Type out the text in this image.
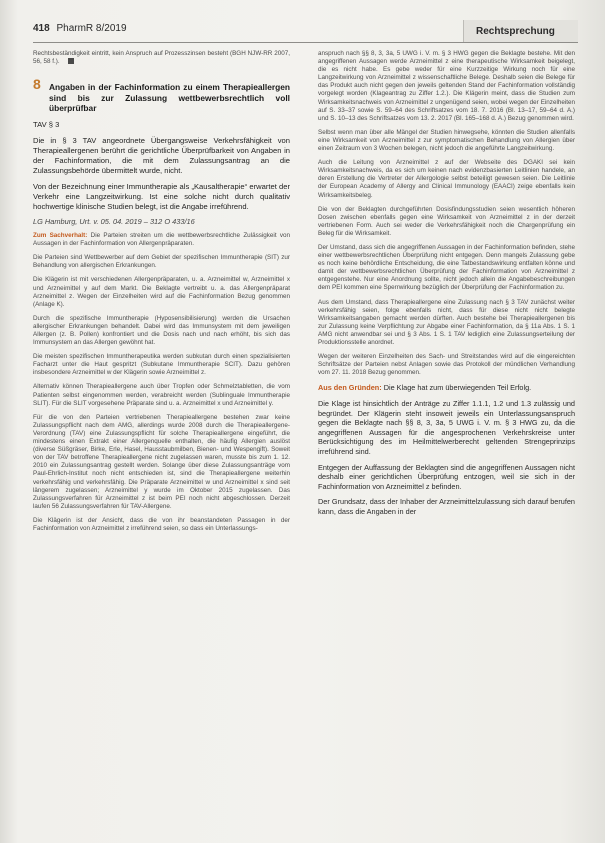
418 PharmR 8/2019	Rechtsprechung

Rechtsbeständigkeit eintritt, kein Anspruch auf Prozesszinsen besteht (BGH NJW-RR 2007, 56, 58 f.).

8 Angaben in der Fachinformation zu einem Therapieallergen sind bis zur Zulassung wettbewerbsrechtlich voll überprüfbar

TAV § 3

Die in § 3 TAV angeordnete Übergangsweise Verkehrsfähigkeit von Therapieallergenen berührt die gerichtliche Überprüfbarkeit von Angaben in der Fachinformation, die mit dem Zulassungsantrag an die Zulassungsbehörde übermittelt wurde, nicht.

Von der Bezeichnung einer Immuntherapie als „Kausaltherapie“ erwartet der Verkehr eine Langzeitwirkung. Ist eine solche nicht durch qualitativ hochwertige klinische Studien belegt, ist die Angabe irreführend.

LG Hamburg, Urt. v. 05. 04. 2019 – 312 O 433/16

Zum Sachverhalt: Die Parteien streiten um die wettbewerbsrechtliche Zulässigkeit von Aussagen in der Fachinformation von Allergenpräparaten.

Die Parteien sind Wettbewerber auf dem Gebiet der spezifischen Immuntherapie (SIT) zur Behandlung von allergischen Erkrankungen.

Die Klägerin ist mit verschiedenen Allergenpräparaten, u. a. Arzneimittel w, Arzneimittel x und Arzneimittel y auf dem Markt. Die Beklagte vertreibt u. a. das Allergenpräparat Arzneimittel z. Wegen der Einzelheiten wird auf die Fachinformation Bezug genommen (Anlage K).

Durch die spezifische Immuntherapie (Hyposensibilisierung) werden die Ursachen allergischer Erkrankungen behandelt. Dabei wird das Immunsystem mit dem jeweiligen Allergen (z. B. Pollen) konfrontiert und die Dosis nach und nach erhöht, bis sich das Immunsystem an das Allergen gewöhnt hat.

Die meisten spezifischen Immuntherapeutika werden subkutan durch einen spezialisierten Facharzt unter die Haut gespritzt (Subkutane Immuntherapie SCIT). Dazu gehören insbesondere Arzneimittel w der Klägerin sowie Arzneimittel z.

Alternativ können Therapieallergene auch über Tropfen oder Schmelztabletten, die vom Patienten selbst eingenommen werden, verabreicht werden (Sublinguale Immuntherapie SLIT). Für die SLIT vorgesehene Präparate sind u. a. Arzneimittel x und Arzneimittel y.

Für die von den Parteien vertriebenen Therapieallergene bestehen zwar keine Zulassungspflicht nach dem AMG, allerdings wurde 2008 durch die Therapieallergene-Verordnung (TAV) eine Zulassungspflicht für solche Therapieallergene eingeführt, die mindestens einen Extrakt einer Allergenquelle enthalten, die häufig Allergien auslöst (diverse Süßgräser, Birke, Erle, Hasel, Hausstaubmilben, Bienen- und Wespengift). Soweit von der TAV betroffene Therapieallergene nicht zugelassen waren, musste bis zum 1. 12. 2010 ein Zulassungsantrag gestellt werden. Solange über diese Zulassungsanträge vom Paul-Ehrlich-Institut noch nicht entschieden ist, sind die Therapieallergene weiterhin verkehrsfähig und verkehrsfähig. Die Präparate Arzneimittel w und Arzneimittel x sind seit längerem zugelassen; Arzneimittel y wurde im Oktober 2015 zugelassen. Das Zulassungsverfahren für Arzneimittel z ist beim PEI noch nicht abgeschlossen. Derzeit laufen 56 Zulassungsverfahren für TAV-Allergene.

Die Klägerin ist der Ansicht, dass die von ihr beanstandeten Passagen in der Fachinformation von Arzneimittel z irreführend seien, so dass ein Unterlassungs-

anspruch nach §§ 8, 3, 3a, 5 UWG i. V. m. § 3 HWG gegen die Beklagte bestehe. Mit den angegriffenen Aussagen werde Arzneimittel z eine therapeutische Wirksamkeit beigelegt, die es nicht habe. Es gebe weder für eine Kurzzeitige Wirkung noch für eine Langzeitwirkung von Arzneimittel z wissenschaftliche Belege. Deshalb seien die Belege für das Produkt auch nicht gegen den jeweils geltenden Stand der Fachinformation vollständig vorgelegt worden (Klageantrag zu Ziffer 1.2.). Die Klägerin meint, dass die Studien zum Wirksamkeitsnachweis von Arzneimittel z ungenügend seien, wobei wegen der Einzelheiten auf S. 33–37 sowie S. 59–64 des Schriftsatzes vom 18. 7. 2016 (Bl. 13–17, 59–64 d. A.) und S. 10–13 des Schriftsatzes vom 13. 2. 2017 (Bl. 165–168 d. A.) Bezug genommen wird.

Selbst wenn man über alle Mängel der Studien hinwegsehe, könnten die Studien allenfalls eine Wirksamkeit von Arzneimittel z zur symptomatischen Behandlung von Allergien über einen Zeitraum von 3 Wochen belegen, nicht jedoch die angeführte Langzeitwirkung.

Auch die Leitung von Arzneimittel z auf der Webseite des DGAKI sei kein Wirksamkeitsnachweis, da es sich um keinen nach evidenzbasierten Leitlinien handele, an deren Erstellung die Vertreter der Allergologie selbst beteiligt gewesen seien. Die Leitlinie der European Academy of Allergy and Clinical Immunology (EAACI) zeige ebenfalls kein Wirksamkeitsbeleg.

Die von der Beklagten durchgeführten Dosisfindungsstudien seien wesentlich höheren Dosen zwischen ebenfalls gegen eine Wirksamkeit von Arzneimittel z in der derzeit vertriebenen Form. Auch sei weder die Verkehrsfähigkeit noch die Chargenprüfung ein Beleg für die Wirksamkeit.

Der Umstand, dass sich die angegriffenen Aussagen in der Fachinformation befinden, stehe einer wettbewerbsrechtlichen Überprüfung nicht entgegen. Denn mangels Zulassung gebe es noch keine behördliche Entscheidung, die eine Tatbestandswirkung entfalten könne und damit der wettbewerbsrechtlichen Überprüfung der Fachinformation von Arzneimittel z entgegenstehe. Nur eine Anordnung sollte, nicht jedoch allein die Angabebeschreibungen dem PEI kommen eine Sperrwirkung bezüglich der Überprüfung der Fachinformation zu.

Aus dem Umstand, dass Therapieallergene eine Zulassung nach § 3 TAV zunächst weiter verkehrsfähig seien, folge ebenfalls nicht, dass für diese nicht nicht belegte Wirksamkeitsangaben gemacht werden dürften. Auch bestehe bei Therapieallergenen bis zur Zulassung keine Verpflichtung zur Abgabe einer Fachinformation, da § 11a Abs. 1 S. 1 AMG nicht anwendbar sei und § 3 Abs. 1 S. 1 TAV lediglich eine Zulassungserteilung der Produktionsstelle anordnet.

Wegen der weiteren Einzelheiten des Sach- und Streitstandes wird auf die eingereichten Schriftsätze der Parteien nebst Anlagen sowie das Protokoll der mündlichen Verhandlung vom 27. 11. 2018 Bezug genommen.

Aus den Gründen: Die Klage hat zum überwiegenden Teil Erfolg.

Die Klage ist hinsichtlich der Anträge zu Ziffer 1.1.1, 1.2 und 1.3 zulässig und begründet. Der Klägerin steht insoweit jeweils ein Unterlassungsanspruch gegen die Beklagte nach §§ 8, 3, 3a, 5 UWG i. V. m. § 3 HWG zu, da die angegriffenen Aussagen für die angesprochenen Verkehrskreise unter Berücksichtigung des im Heilmittelwerberecht geltenden Strengeprinzips irreführend sind.

Entgegen der Auffassung der Beklagten sind die angegriffenen Aussagen nicht deshalb einer gerichtlichen Überprüfung entzogen, weil sie sich in der Fachinformation von Arzneimittel z befinden.

Der Grundsatz, dass der Inhaber der Arzneimittelzulassung sich darauf berufen kann, dass die Angaben in der
